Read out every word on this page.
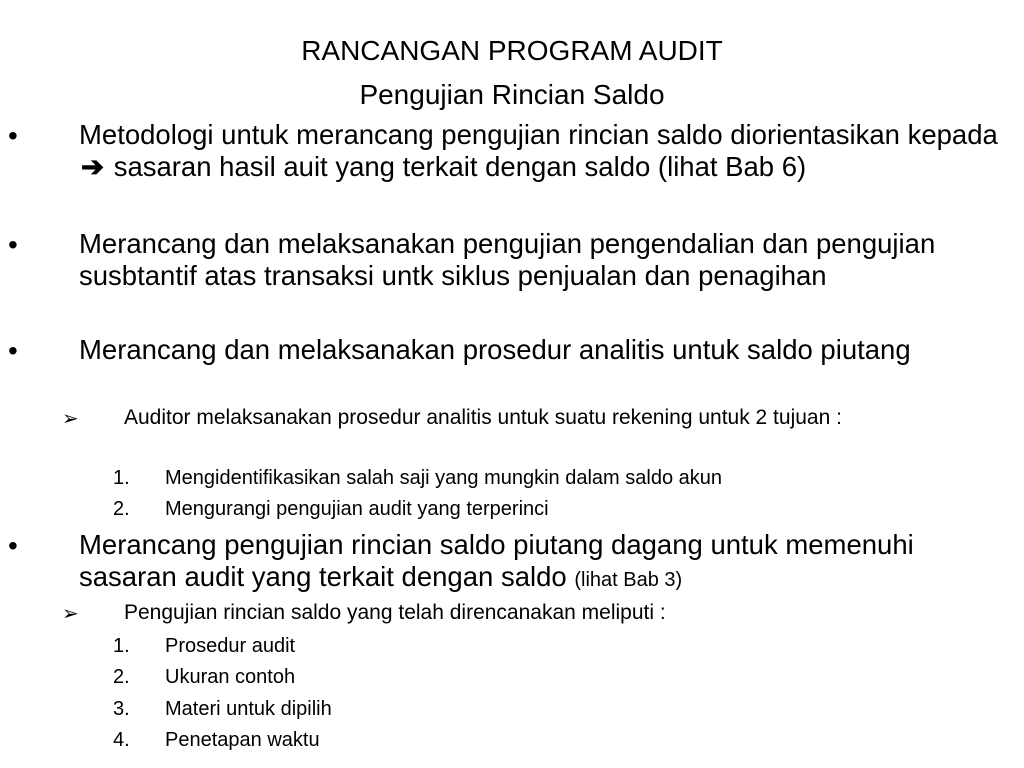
RANCANGAN PROGRAM AUDIT
Pengujian Rincian Saldo
• Metodologi untuk merancang pengujian rincian saldo diorientasikan kepada ➔ sasaran hasil auit yang terkait dengan saldo (lihat Bab 6)
• Merancang dan melaksanakan pengujian pengendalian dan pengujian susbtantif atas transaksi untk siklus penjualan dan penagihan
• Merancang dan melaksanakan prosedur analitis untuk saldo piutang
➢ Auditor melaksanakan prosedur analitis untuk suatu rekening untuk 2 tujuan :
1.	Mengidentifikasikan salah saji yang mungkin dalam saldo akun
2.	Mengurangi pengujian audit yang terperinci
• Merancang pengujian rincian saldo piutang dagang untuk memenuhi sasaran audit yang terkait dengan saldo (lihat Bab 3)
➢ Pengujian rincian saldo yang telah direncanakan meliputi :
1.	Prosedur audit
2.	Ukuran contoh
3.	Materi untuk dipilih
4.	Penetapan waktu
